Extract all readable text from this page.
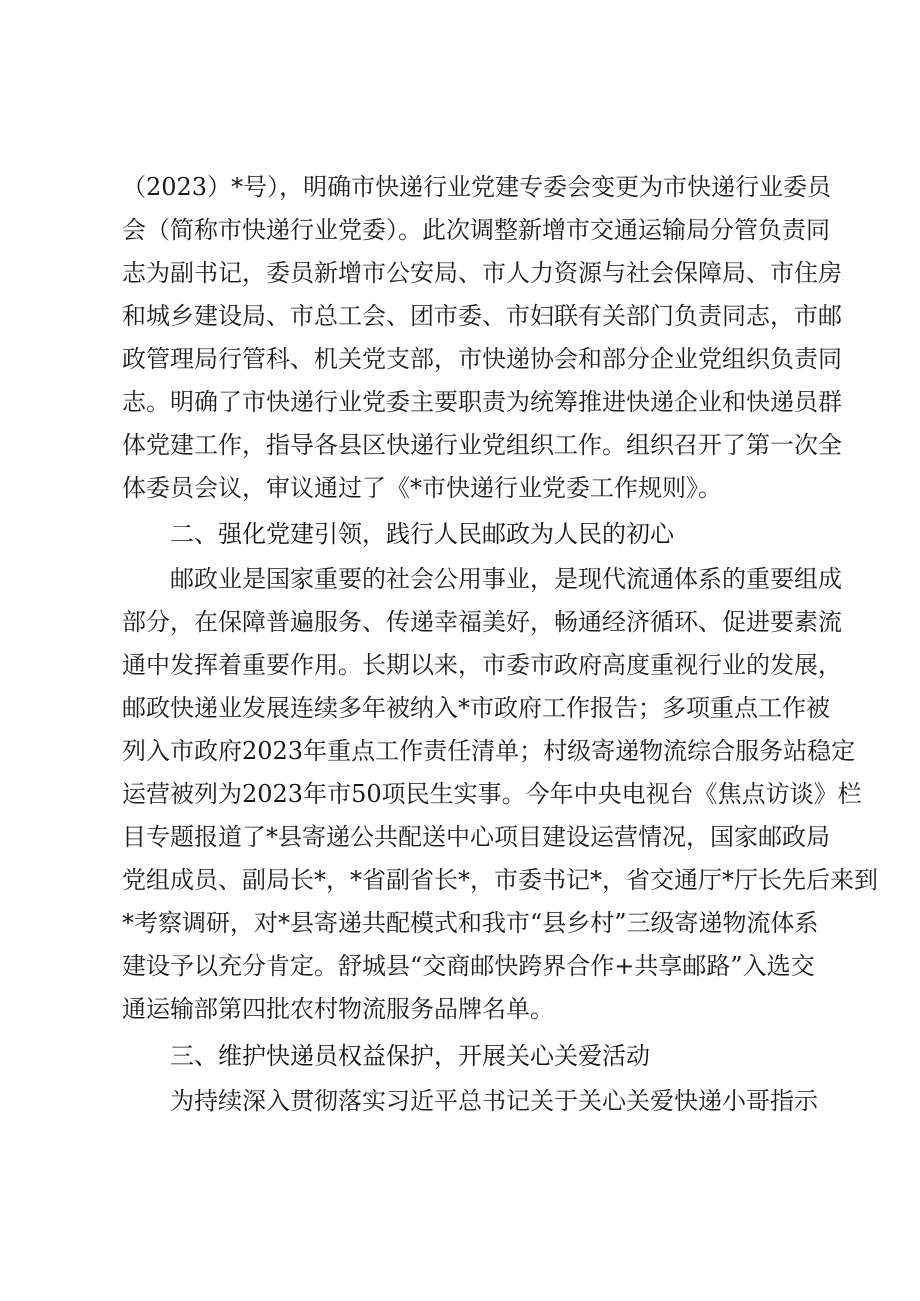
（2023）*号），明确市快递行业党建专委会变更为市快递行业委员
会（简称市快递行业党委）。此次调整新增市交通运输局分管负责同
志为副书记，委员新增市公安局、市人力资源与社会保障局、市住房
和城乡建设局、市总工会、团市委、市妇联有关部门负责同志，市邮
政管理局行管科、机关党支部，市快递协会和部分企业党组织负责同
志。明确了市快递行业党委主要职责为统筹推进快递企业和快递员群
体党建工作，指导各县区快递行业党组织工作。组织召开了第一次全
体委员会议，审议通过了《*市快递行业党委工作规则》。
二、强化党建引领，践行人民邮政为人民的初心
邮政业是国家重要的社会公用事业，是现代流通体系的重要组成
部分，在保障普遍服务、传递幸福美好，畅通经济循环、促进要素流
通中发挥着重要作用。长期以来，市委市政府高度重视行业的发展，
邮政快递业发展连续多年被纳入*市政府工作报告；多项重点工作被
列入市政府2023年重点工作责任清单；村级寄递物流综合服务站稳定
运营被列为2023年市50项民生实事。今年中央电视台《焦点访谈》栏
目专题报道了*县寄递公共配送中心项目建设运营情况，国家邮政局
党组成员、副局长*，*省副省长*，市委书记*，省交通厅*厅长先后来到
*考察调研，对*县寄递共配模式和我市“县乡村”三级寄递物流体系
建设予以充分肯定。舒城县“交商邮快跨界合作+共享邮路”入选交
通运输部第四批农村物流服务品牌名单。
三、维护快递员权益保护，开展关心关爱活动
为持续深入贯彻落实习近平总书记关于关心关爱快递小哥指示
